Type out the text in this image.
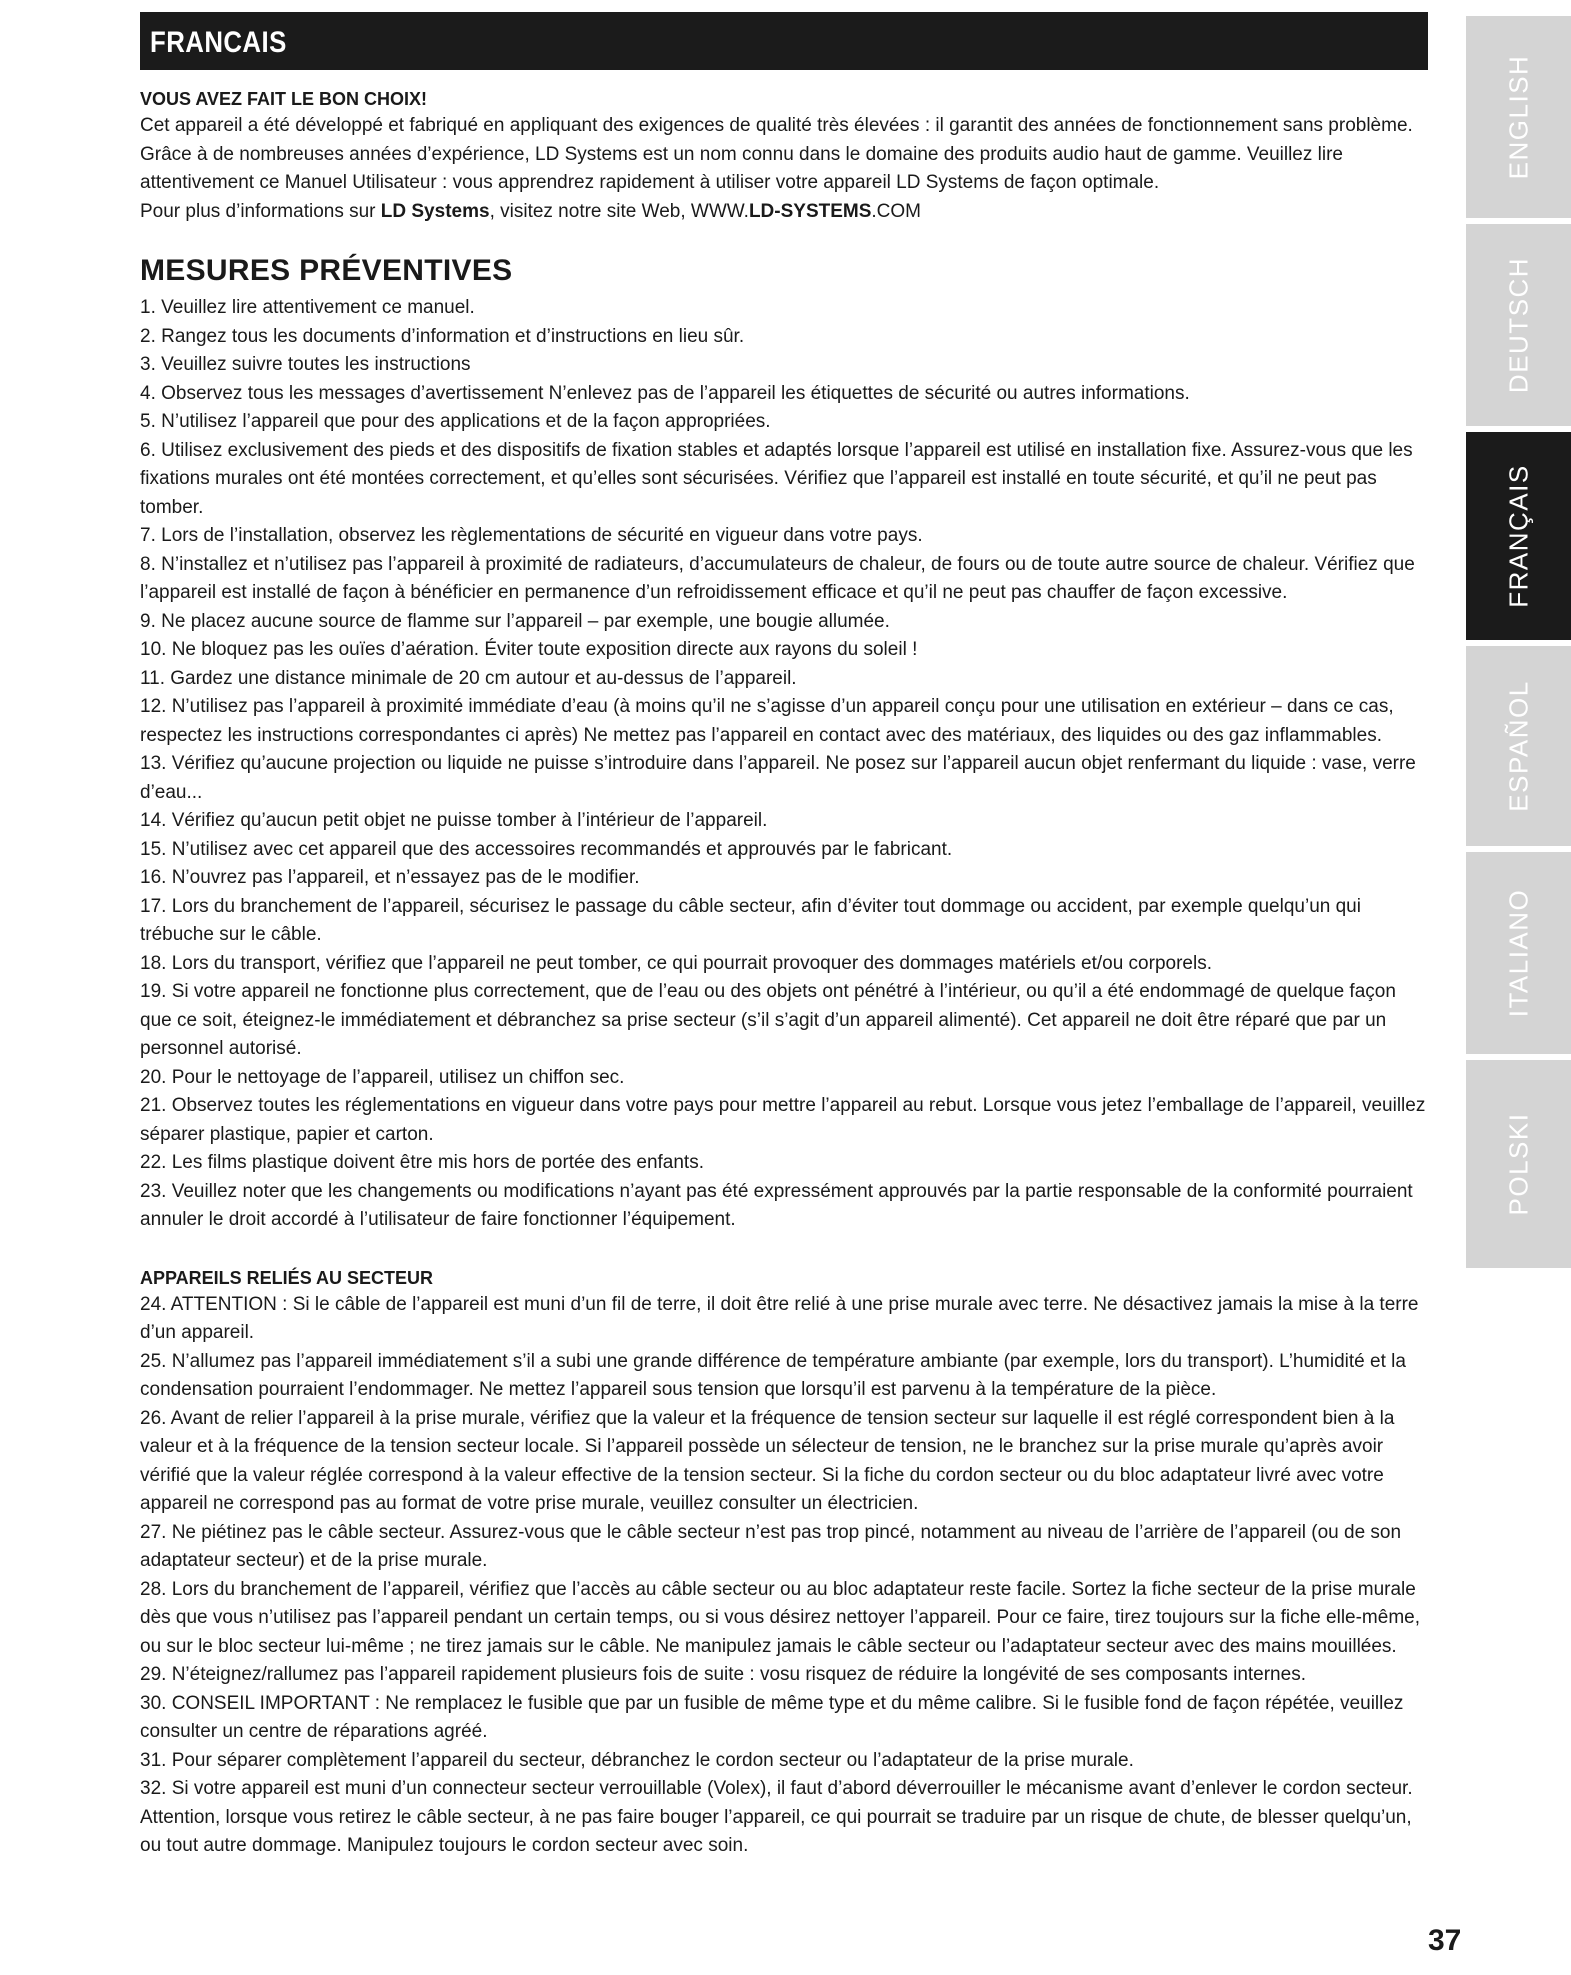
FRANCAIS
VOUS AVEZ FAIT LE BON CHOIX!

Cet appareil a été développé et fabriqué en appliquant des exigences de qualité très élevées : il garantit des années de fonctionnement sans problème. Grâce à de nombreuses années d’expérience, LD Systems est un nom connu dans le domaine des produits audio haut de gamme. Veuillez lire attentivement ce Manuel Utilisateur : vous apprendrez rapidement à utiliser votre appareil LD Systems de façon optimale.

Pour plus d’informations sur LD Systems, visitez notre site Web, WWW.LD-SYSTEMS.COM

MESURES PRÉVENTIVES
1. Veuillez lire attentivement ce manuel.
2. Rangez tous les documents d’information et d’instructions en lieu sûr.
3. Veuillez suivre toutes les instructions
4. Observez tous les messages d’avertissement N’enlevez pas de l’appareil les étiquettes de sécurité ou autres informations.
5. N’utilisez l’appareil que pour des applications et de la façon appropriées.
6. Utilisez exclusivement des pieds et des dispositifs de fixation stables et adaptés lorsque l’appareil est utilisé en installation fixe. Assurez-vous que les fixations murales ont été montées correctement, et qu’elles sont sécurisées. Vérifiez que l’appareil est installé en toute sécurité, et qu’il ne peut pas tomber.
7. Lors de l’installation, observez les règlementations de sécurité en vigueur dans votre pays.
8. N’installez et n’utilisez pas l’appareil à proximité de radiateurs, d’accumulateurs de chaleur, de fours ou de toute autre source de chaleur. Vérifiez que l’appareil est installé de façon à bénéficier en permanence d’un refroidissement efficace et qu’il ne peut pas chauffer de façon excessive.
9. Ne placez aucune source de flamme sur l’appareil – par exemple, une bougie allumée.
10. Ne bloquez pas les ouïes d’aération. Éviter toute exposition directe aux rayons du soleil !
11. Gardez une distance minimale de 20 cm autour et au-dessus de l’appareil.
12. N’utilisez pas l’appareil à proximité immédiate d’eau (à moins qu’il ne s’agisse d’un appareil conçu pour une utilisation en extérieur – dans ce cas, respectez les instructions correspondantes ci après) Ne mettez pas l’appareil en contact avec des matériaux, des liquides ou des gaz inflammables.
13. Vérifiez qu’aucune projection ou liquide ne puisse s’introduire dans l’appareil. Ne posez sur l’appareil aucun objet renfermant du liquide : vase, verre d’eau...
14. Vérifiez qu’aucun petit objet ne puisse tomber à l’intérieur de l’appareil.
15. N’utilisez avec cet appareil que des accessoires recommandés et approuvés par le fabricant.
16. N’ouvrez pas l’appareil, et n’essayez pas de le modifier.
17. Lors du branchement de l’appareil, sécurisez le passage du câble secteur, afin d’éviter tout dommage ou accident, par exemple quelqu’un qui trébuche sur le câble.
18. Lors du transport, vérifiez que l’appareil ne peut tomber, ce qui pourrait provoquer des dommages matériels et/ou corporels.
19. Si votre appareil ne fonctionne plus correctement, que de l’eau ou des objets ont pénétré à l’intérieur, ou qu’il a été endommagé de quelque façon que ce soit, éteignez-le immédiatement et débranchez sa prise secteur (s’il s’agit d’un appareil alimenté). Cet appareil ne doit être réparé que par un personnel autorisé.
20. Pour le nettoyage de l’appareil, utilisez un chiffon sec.
21. Observez toutes les réglementations en vigueur dans votre pays pour mettre l’appareil au rebut. Lorsque vous jetez l’emballage de l’appareil, veuillez séparer plastique, papier et carton.
22. Les films plastique doivent être mis hors de portée des enfants.
23. Veuillez noter que les changements ou modifications n’ayant pas été expressément approuvés par la partie responsable de la conformité pourraient annuler le droit accordé à l’utilisateur de faire fonctionner l’équipement.
APPAREILS RELIÉS AU SECTEUR
24. ATTENTION : Si le câble de l’appareil est muni d’un fil de terre, il doit être relié à une prise murale avec terre. Ne désactivez jamais la mise à la terre d’un appareil.
25. N’allumez pas l’appareil immédiatement s’il a subi une grande différence de température ambiante (par exemple, lors du transport). L’humidité et la condensation pourraient l’endommager. Ne mettez l’appareil sous tension que lorsqu’il est parvenu à la température de la pièce.
26. Avant de relier l’appareil à la prise murale, vérifiez que la valeur et la fréquence de tension secteur sur laquelle il est réglé correspondent bien à la valeur et à la fréquence de la tension secteur locale. Si l’appareil possède un sélecteur de tension, ne le branchez sur la prise murale qu’après avoir vérifié que la valeur réglée correspond à la valeur effective de la tension secteur. Si la fiche du cordon secteur ou du bloc adaptateur livré avec votre appareil ne correspond pas au format de votre prise murale, veuillez consulter un électricien.
27. Ne piétinez pas le câble secteur. Assurez-vous que le câble secteur n’est pas trop pincé, notamment au niveau de l’arrière de l’appareil (ou de son adaptateur secteur) et de la prise murale.
28. Lors du branchement de l’appareil, vérifiez que l’accès au câble secteur ou au bloc adaptateur reste facile. Sortez la fiche secteur de la prise murale dès que vous n’utilisez pas l’appareil pendant un certain temps, ou si vous désirez nettoyer l’appareil. Pour ce faire, tirez toujours sur la fiche elle-même, ou sur le bloc secteur lui-même ; ne tirez jamais sur le câble. Ne manipulez jamais le câble secteur ou l’adaptateur secteur avec des mains mouillées.
29. N’éteignez/rallumez pas l’appareil rapidement plusieurs fois de suite : vosu risquez de réduire la longévité de ses composants internes.
30. CONSEIL IMPORTANT : Ne remplacez le fusible que par un fusible de même type et du même calibre. Si le fusible fond de façon répétée, veuillez consulter un centre de réparations agréé.
31. Pour séparer complètement l’appareil du secteur, débranchez le cordon secteur ou l’adaptateur de la prise murale.
32. Si votre appareil est muni d’un connecteur secteur verrouillable (Volex), il faut d’abord déverrouiller le mécanisme avant d’enlever le cordon secteur. Attention, lorsque vous retirez le câble secteur, à ne pas faire bouger l’appareil, ce qui pourrait se traduire par un risque de chute, de blesser quelqu’un, ou tout autre dommage. Manipulez toujours le cordon secteur avec soin.
ENGLISH
DEUTSCH
FRANÇAIS
ESPAÑOL
ITALIANO
POLSKI
37
